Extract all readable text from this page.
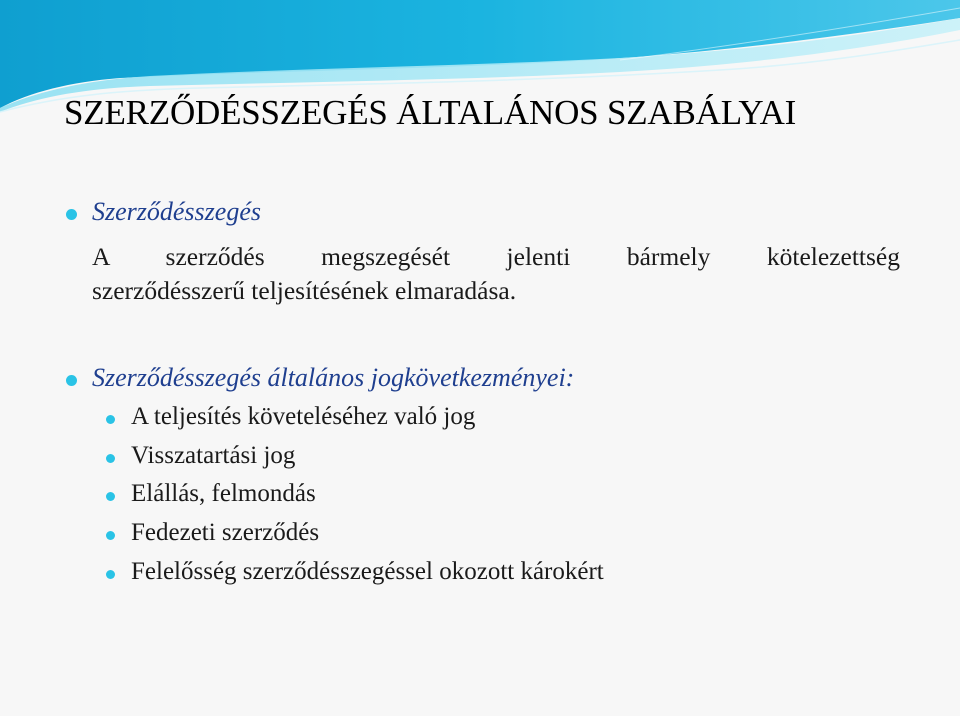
SZERZŐDÉSSZEGÉS ÁLTALÁNOS SZABÁLYAI

Szerződésszegés

A szerződés megszegését jelenti bármely kötelezettség

szerződésszerű teljesítésének elmaradása.

Szerződésszegés általános jogkövetkezményei:

A teljesítés követeléséhez való jog

Visszatartási jog

Elállás, felmondás

Fedezeti szerződés

Felelősség szerződésszegéssel okozott károkért
